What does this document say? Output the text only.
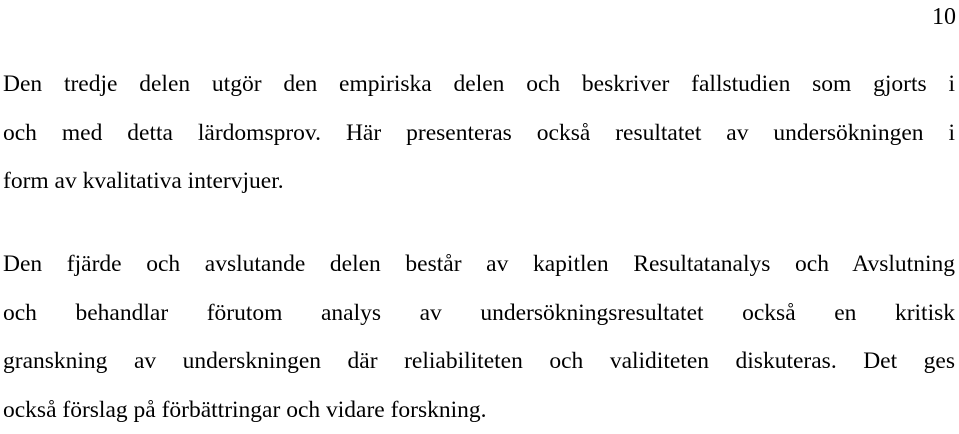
10

Den tredje delen utgör den empiriska delen och beskriver fallstudien som gjorts i
och med detta lärdomsprov. Här presenteras också resultatet av undersökningen i
form av kvalitativa intervjuer.

Den fjärde och avslutande delen består av kapitlen Resultatanalys och Avslutning
och behandlar förutom analys av undersökningsresultatet också en kritisk
granskning av underskningen där reliabiliteten och validiteten diskuteras. Det ges
också förslag på förbättringar och vidare forskning.
